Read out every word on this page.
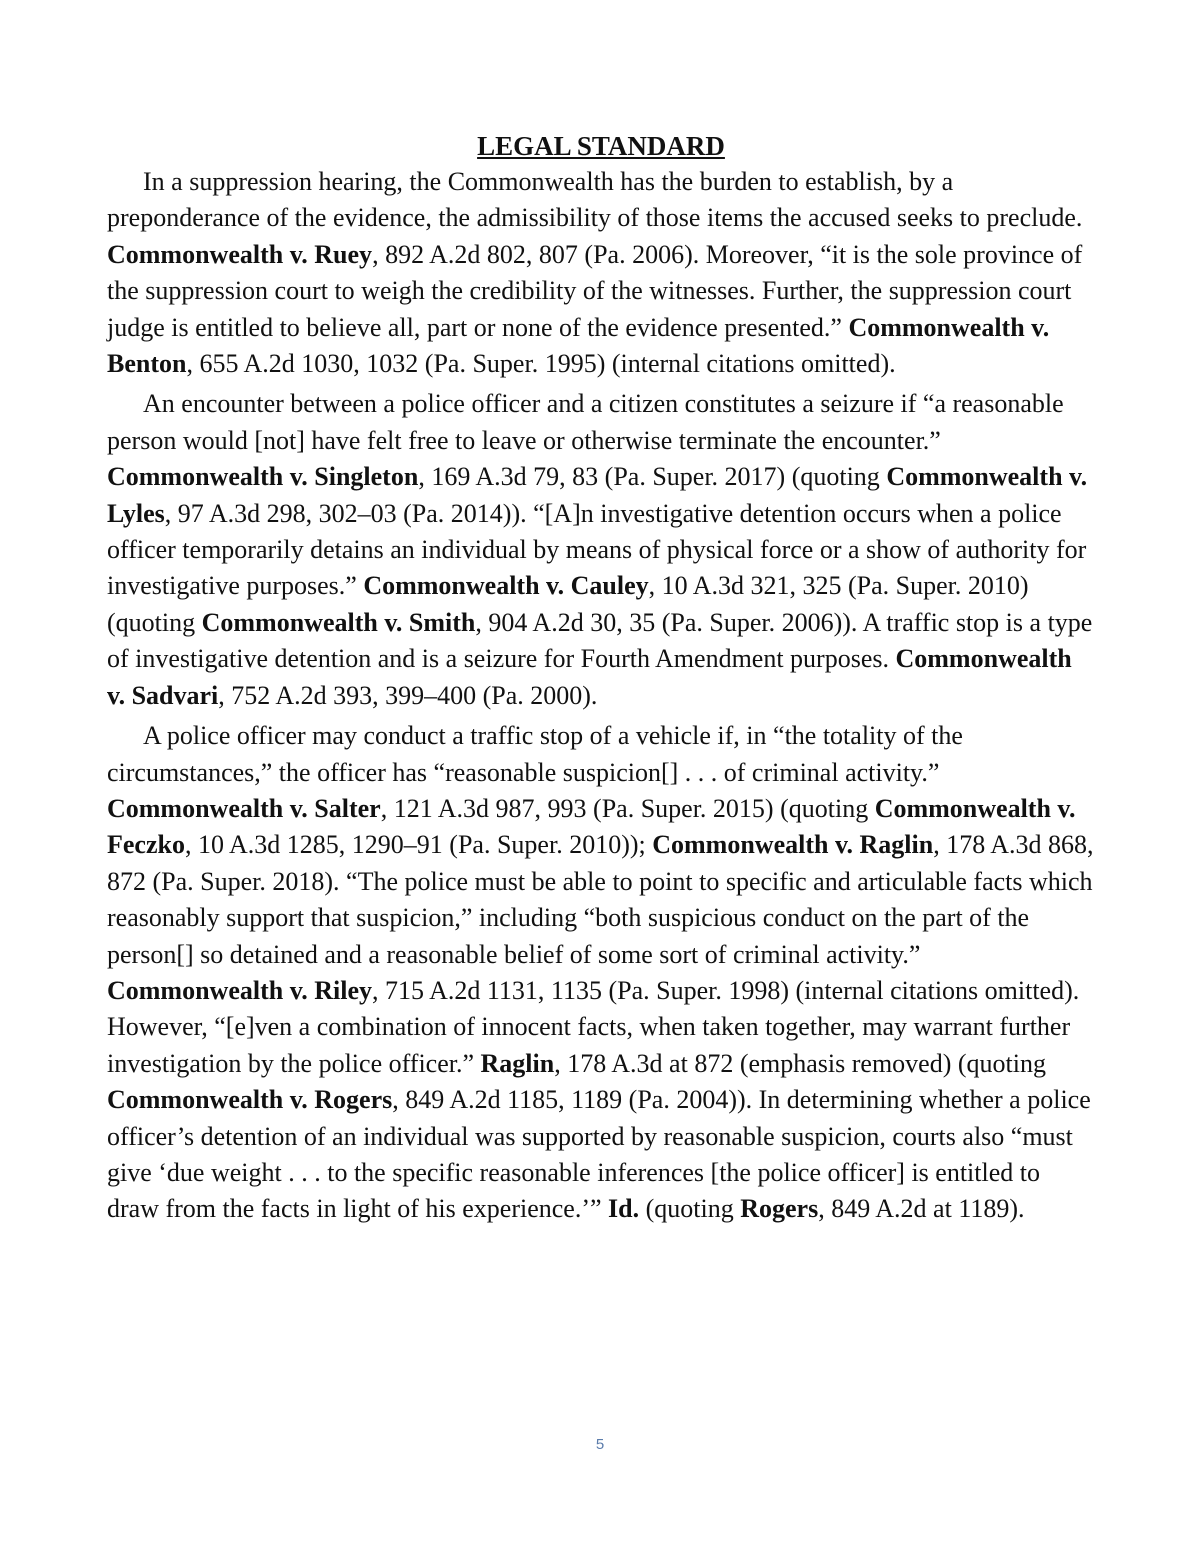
LEGAL STANDARD

In a suppression hearing, the Commonwealth has the burden to establish, by a preponderance of the evidence, the admissibility of those items the accused seeks to preclude. Commonwealth v. Ruey, 892 A.2d 802, 807 (Pa. 2006). Moreover, “it is the sole province of the suppression court to weigh the credibility of the witnesses. Further, the suppression court judge is entitled to believe all, part or none of the evidence presented.” Commonwealth v. Benton, 655 A.2d 1030, 1032 (Pa. Super. 1995) (internal citations omitted).

An encounter between a police officer and a citizen constitutes a seizure if “a reasonable person would [not] have felt free to leave or otherwise terminate the encounter.” Commonwealth v. Singleton, 169 A.3d 79, 83 (Pa. Super. 2017) (quoting Commonwealth v. Lyles, 97 A.3d 298, 302–03 (Pa. 2014)). “[A]n investigative detention occurs when a police officer temporarily detains an individual by means of physical force or a show of authority for investigative purposes.” Commonwealth v. Cauley, 10 A.3d 321, 325 (Pa. Super. 2010) (quoting Commonwealth v. Smith, 904 A.2d 30, 35 (Pa. Super. 2006)). A traffic stop is a type of investigative detention and is a seizure for Fourth Amendment purposes. Commonwealth v. Sadvari, 752 A.2d 393, 399–400 (Pa. 2000).

A police officer may conduct a traffic stop of a vehicle if, in “the totality of the circumstances,” the officer has “reasonable suspicion[] . . . of criminal activity.” Commonwealth v. Salter, 121 A.3d 987, 993 (Pa. Super. 2015) (quoting Commonwealth v. Feczko, 10 A.3d 1285, 1290–91 (Pa. Super. 2010)); Commonwealth v. Raglin, 178 A.3d 868, 872 (Pa. Super. 2018). “The police must be able to point to specific and articulable facts which reasonably support that suspicion,” including “both suspicious conduct on the part of the person[] so detained and a reasonable belief of some sort of criminal activity.” Commonwealth v. Riley, 715 A.2d 1131, 1135 (Pa. Super. 1998) (internal citations omitted). However, “[e]ven a combination of innocent facts, when taken together, may warrant further investigation by the police officer.” Raglin, 178 A.3d at 872 (emphasis removed) (quoting Commonwealth v. Rogers, 849 A.2d 1185, 1189 (Pa. 2004)). In determining whether a police officer’s detention of an individual was supported by reasonable suspicion, courts also “must give ‘due weight . . . to the specific reasonable inferences [the police officer] is entitled to draw from the facts in light of his experience.’” Id. (quoting Rogers, 849 A.2d at 1189).

5
